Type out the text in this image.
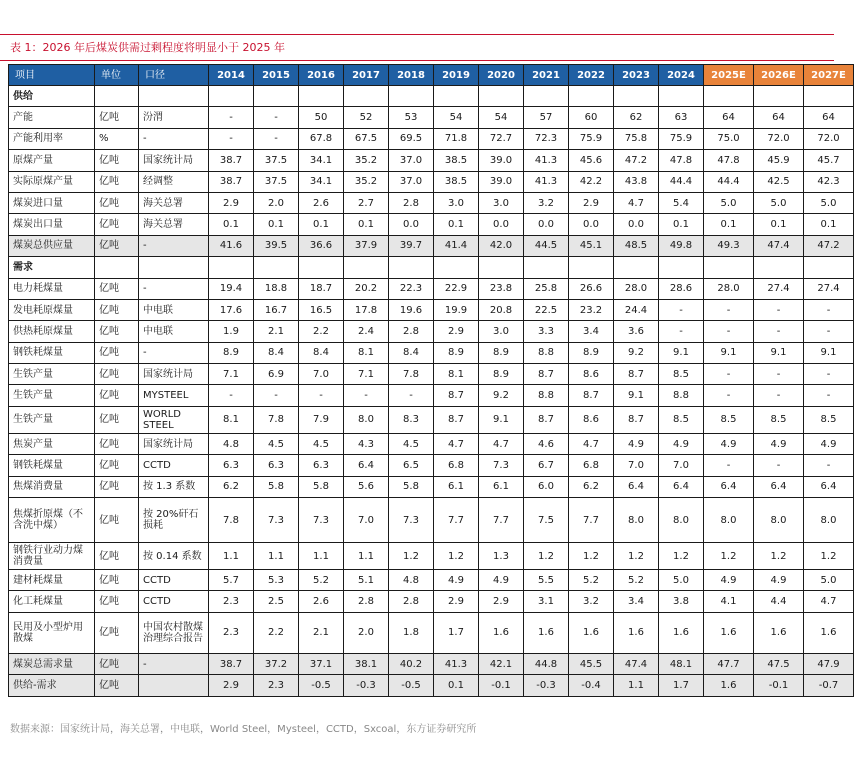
表 1：2026 年后煤炭供需过剩程度将明显小于 2025 年
项目	单位	口径	2014	2015	2016	2017	2018	2019	2020	2021	2022	2023	2024	2025E	2026E	2027E
供给																
产能	亿吨	汾渭	-	-	50	52	53	54	54	57	60	62	63	64	64	64
产能利用率	%	-	-	-	67.8	67.5	69.5	71.8	72.7	72.3	75.9	75.8	75.9	75.0	72.0	72.0
原煤产量	亿吨	国家统计局	38.7	37.5	34.1	35.2	37.0	38.5	39.0	41.3	45.6	47.2	47.8	47.8	45.9	45.7
实际原煤产量	亿吨	经调整	38.7	37.5	34.1	35.2	37.0	38.5	39.0	41.3	42.2	43.8	44.4	44.4	42.5	42.3
煤炭进口量	亿吨	海关总署	2.9	2.0	2.6	2.7	2.8	3.0	3.0	3.2	2.9	4.7	5.4	5.0	5.0	5.0
煤炭出口量	亿吨	海关总署	0.1	0.1	0.1	0.1	0.0	0.1	0.0	0.0	0.0	0.0	0.1	0.1	0.1	0.1
煤炭总供应量	亿吨	-	41.6	39.5	36.6	37.9	39.7	41.4	42.0	44.5	45.1	48.5	49.8	49.3	47.4	47.2
需求																
电力耗煤量	亿吨	-	19.4	18.8	18.7	20.2	22.3	22.9	23.8	25.8	26.6	28.0	28.6	28.0	27.4	27.4
发电耗原煤量	亿吨	中电联	17.6	16.7	16.5	17.8	19.6	19.9	20.8	22.5	23.2	24.4	-	-	-	-
供热耗原煤量	亿吨	中电联	1.9	2.1	2.2	2.4	2.8	2.9	3.0	3.3	3.4	3.6	-	-	-	-
钢铁耗煤量	亿吨	-	8.9	8.4	8.4	8.1	8.4	8.9	8.9	8.8	8.9	9.2	9.1	9.1	9.1	9.1
生铁产量	亿吨	国家统计局	7.1	6.9	7.0	7.1	7.8	8.1	8.9	8.7	8.6	8.7	8.5	-	-	-
生铁产量	亿吨	MYSTEEL	-	-	-	-	-	8.7	9.2	8.8	8.7	9.1	8.8	-	-	-
生铁产量	亿吨	WORLD STEEL	8.1	7.8	7.9	8.0	8.3	8.7	9.1	8.7	8.6	8.7	8.5	8.5	8.5	8.5
焦炭产量	亿吨	国家统计局	4.8	4.5	4.5	4.3	4.5	4.7	4.7	4.6	4.7	4.9	4.9	4.9	4.9	4.9
钢铁耗煤量	亿吨	CCTD	6.3	6.3	6.3	6.4	6.5	6.8	7.3	6.7	6.8	7.0	7.0	-	-	-
焦煤消费量	亿吨	按 1.3 系数	6.2	5.8	5.8	5.6	5.8	6.1	6.1	6.0	6.2	6.4	6.4	6.4	6.4	6.4
焦煤折原煤（不含洗中煤）	亿吨	按 20%矸石损耗	7.8	7.3	7.3	7.0	7.3	7.7	7.7	7.5	7.7	8.0	8.0	8.0	8.0	8.0
钢铁行业动力煤消费量	亿吨	按 0.14 系数	1.1	1.1	1.1	1.1	1.2	1.2	1.3	1.2	1.2	1.2	1.2	1.2	1.2	1.2
建材耗煤量	亿吨	CCTD	5.7	5.3	5.2	5.1	4.8	4.9	4.9	5.5	5.2	5.2	5.0	4.9	4.9	5.0
化工耗煤量	亿吨	CCTD	2.3	2.5	2.6	2.8	2.8	2.9	2.9	3.1	3.2	3.4	3.8	4.1	4.4	4.7
民用及小型炉用散煤	亿吨	中国农村散煤治理综合报告	2.3	2.2	2.1	2.0	1.8	1.7	1.6	1.6	1.6	1.6	1.6	1.6	1.6	1.6
煤炭总需求量	亿吨	-	38.7	37.2	37.1	38.1	40.2	41.3	42.1	44.8	45.5	47.4	48.1	47.7	47.5	47.9
供给-需求	亿吨		2.9	2.3	-0.5	-0.3	-0.5	0.1	-0.1	-0.3	-0.4	1.1	1.7	1.6	-0.1	-0.7
数据来源：国家统计局，海关总署，中电联，World Steel，Mysteel，CCTD，Sxcoal，东方证券研究所
